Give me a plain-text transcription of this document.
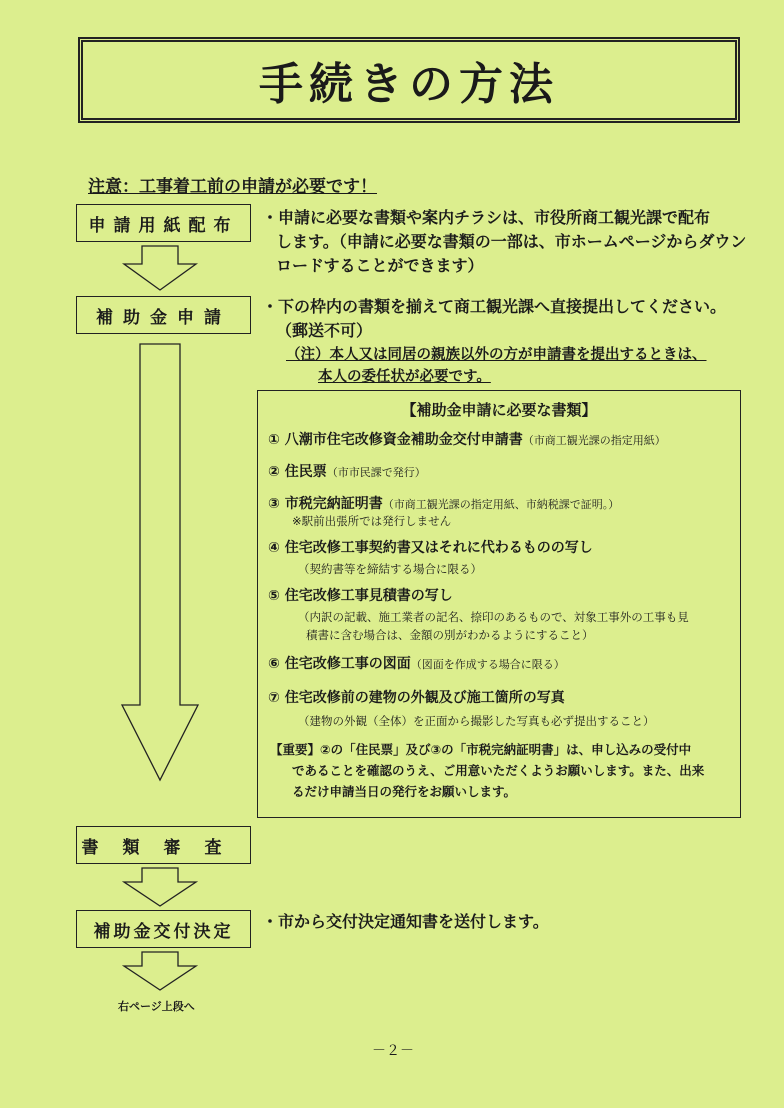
手続きの方法
注意：工事着工前の申請が必要です！
申請用紙配布
補助金申請
書類審査
補助金交付決定
右ページ上段へ
・申請に必要な書類や案内チラシは、市役所商工観光課で配布
します。（申請に必要な書類の一部は、市ホームページからダウン
ロードすることができます）
・下の枠内の書類を揃えて商工観光課へ直接提出してください。
（郵送不可）
（注）本人又は同居の親族以外の方が申請書を提出するときは、
本人の委任状が必要です。
・市から交付決定通知書を送付します。
【補助金申請に必要な書類】
① 八潮市住宅改修資金補助金交付申請書（市商工観光課の指定用紙）
② 住民票（市市民課で発行）
③ 市税完納証明書（市商工観光課の指定用紙、市納税課で証明。）
※駅前出張所では発行しません
④ 住宅改修工事契約書又はそれに代わるものの写し
（契約書等を締結する場合に限る）
⑤ 住宅改修工事見積書の写し
（内訳の記載、施工業者の記名、捺印のあるもので、対象工事外の工事も見
積書に含む場合は、金額の別がわかるようにすること）
⑥ 住宅改修工事の図面（図面を作成する場合に限る）
⑦ 住宅改修前の建物の外観及び施工箇所の写真
（建物の外観（全体）を正面から撮影した写真も必ず提出すること）
【重要】②の「住民票」及び③の「市税完納証明書」は、申し込みの受付中
であることを確認のうえ、ご用意いただくようお願いします。また、出来
るだけ申請当日の発行をお願いします。
－２－
